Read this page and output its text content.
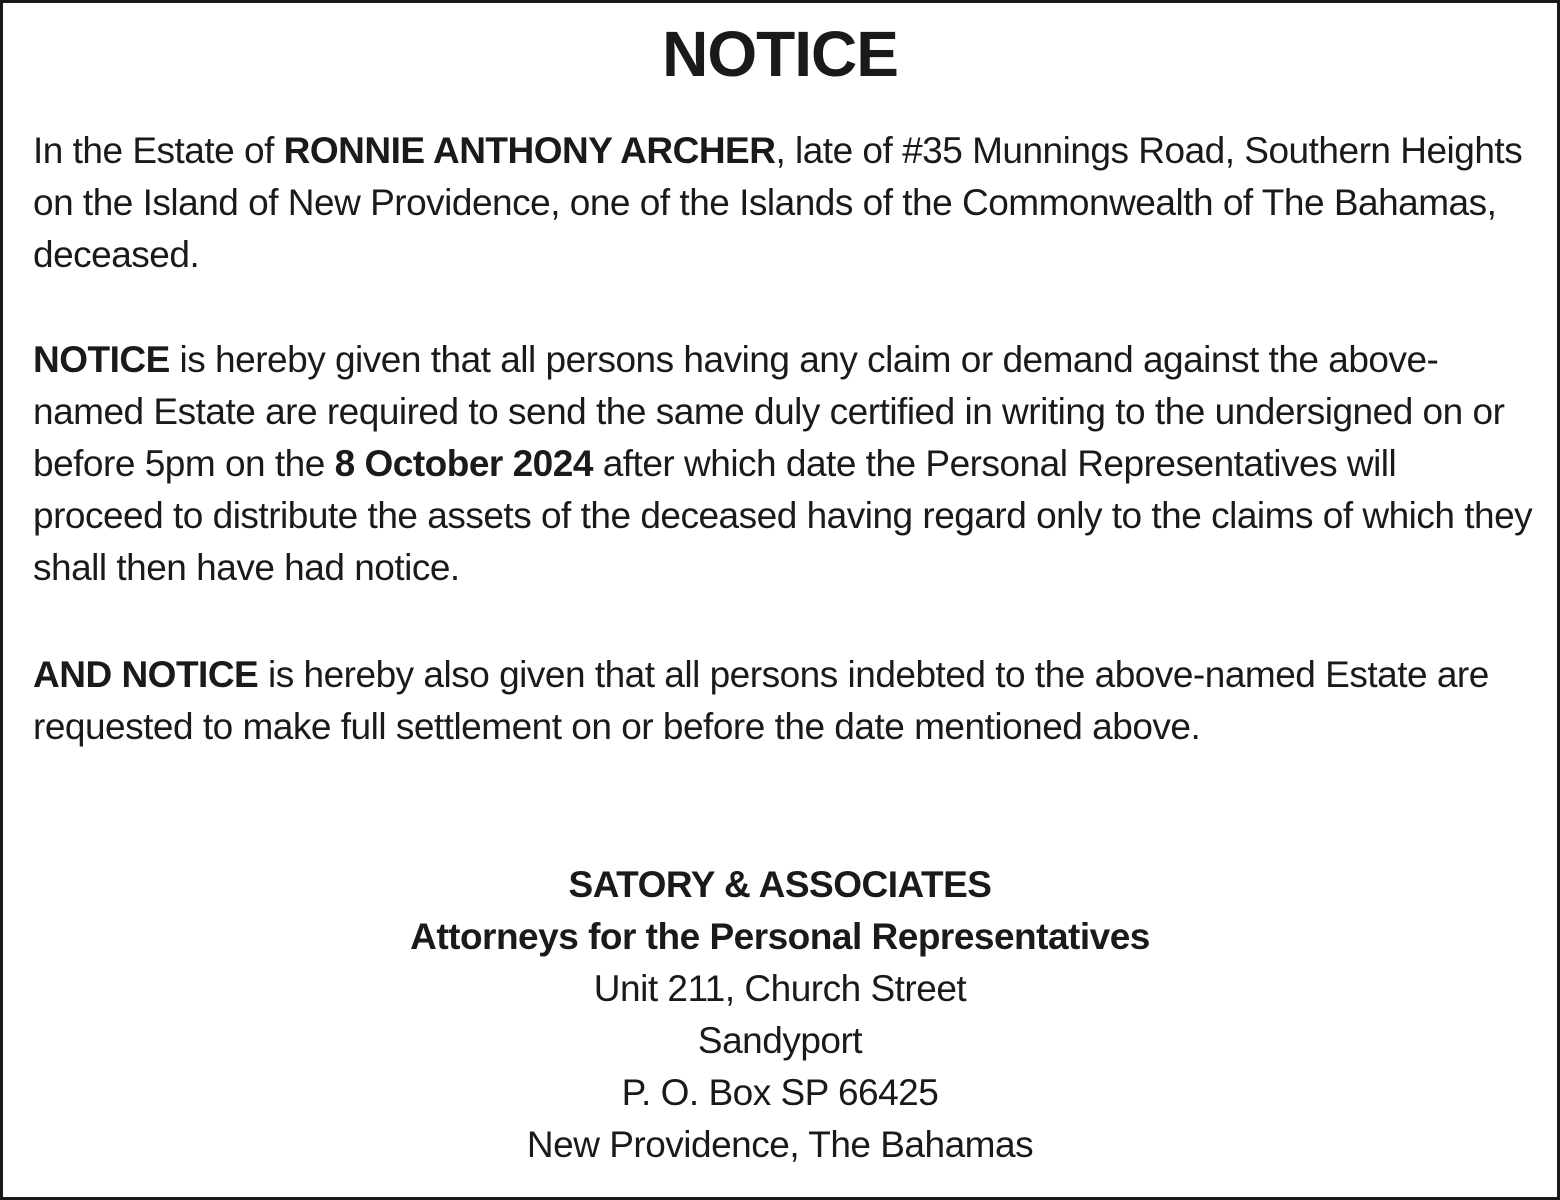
NOTICE

In the Estate of RONNIE ANTHONY ARCHER, late of #35 Munnings Road, Southern Heights on the Island of New Providence, one of the Islands of the Commonwealth of The Bahamas, deceased.

NOTICE is hereby given that all persons having any claim or demand against the above-named Estate are required to send the same duly certified in writing to the undersigned on or before 5pm on the 8 October 2024 after which date the Personal Representatives will proceed to distribute the assets of the deceased having regard only to the claims of which they shall then have had notice.

AND NOTICE is hereby also given that all persons indebted to the above-named Estate are requested to make full settlement on or before the date mentioned above.

SATORY & ASSOCIATES
Attorneys for the Personal Representatives
Unit 211, Church Street
Sandyport
P. O. Box SP 66425
New Providence, The Bahamas
